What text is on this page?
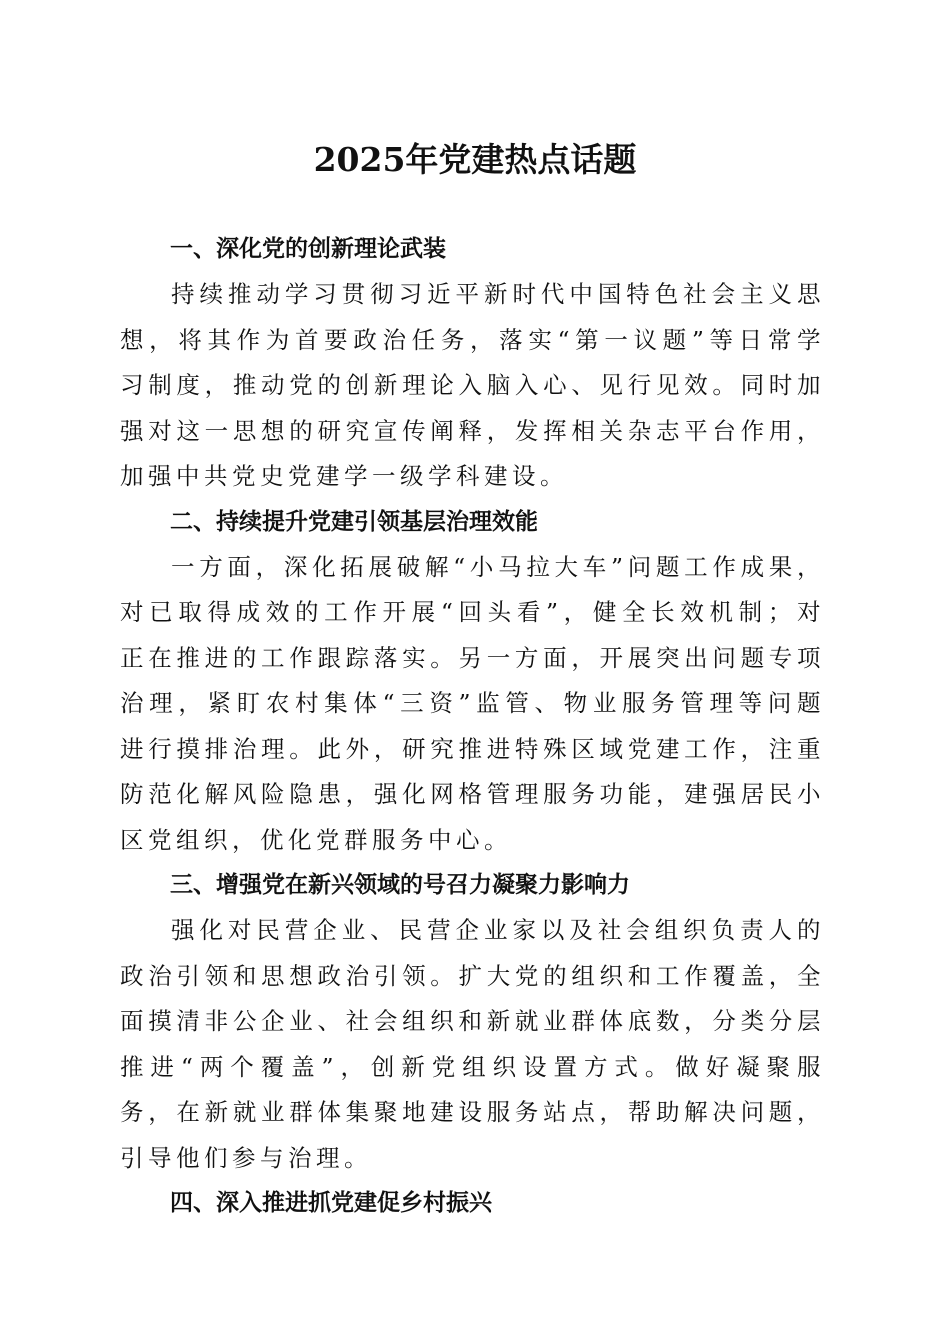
2025年党建热点话题

一、深化党的创新理论武装

持续推动学习贯彻习近平新时代中国特色社会主义思想，将其作为首要政治任务，落实“第一议题”等日常学习制度，推动党的创新理论入脑入心、见行见效。同时加强对这一思想的研究宣传阐释，发挥相关杂志平台作用，加强中共党史党建学一级学科建设。

二、持续提升党建引领基层治理效能

一方面，深化拓展破解“小马拉大车”问题工作成果，对已取得成效的工作开展“回头看”，健全长效机制；对正在推进的工作跟踪落实。另一方面，开展突出问题专项治理，紧盯农村集体“三资”监管、物业服务管理等问题进行摸排治理。此外，研究推进特殊区域党建工作，注重防范化解风险隐患，强化网格管理服务功能，建强居民小区党组织，优化党群服务中心。

三、增强党在新兴领域的号召力凝聚力影响力

强化对民营企业、民营企业家以及社会组织负责人的政治引领和思想政治引领。扩大党的组织和工作覆盖，全面摸清非公企业、社会组织和新就业群体底数，分类分层推进“两个覆盖”，创新党组织设置方式。做好凝聚服务，在新就业群体集聚地建设服务站点，帮助解决问题，引导他们参与治理。

四、深入推进抓党建促乡村振兴
